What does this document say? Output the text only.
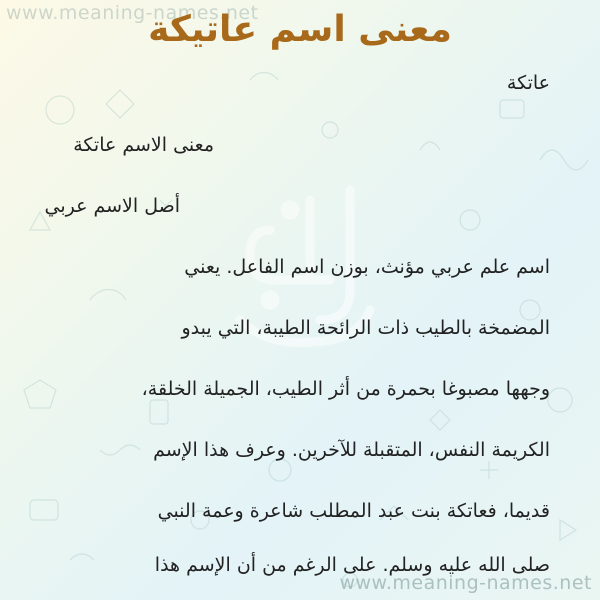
www.meaning-names.net
معنى اسم عاتيكة
عاتكة
معنى الاسم عاتكة
أصل الاسم عربي
اسم علم عربي مؤنث، بوزن اسم الفاعل. يعني
المضمخة بالطيب ذات الرائحة الطيبة، التي يبدو
وجهها مصبوغا بحمرة من أثر الطيب، الجميلة الخلقة،
الكريمة النفس، المتقبلة للآخرين. وعرف هذا الإسم
قديما، فعاتكة بنت عبد المطلب شاعرة وعمة النبي
صلى الله عليه وسلم. على الرغم من أن الإسم هذا
www.meaning-names.net
